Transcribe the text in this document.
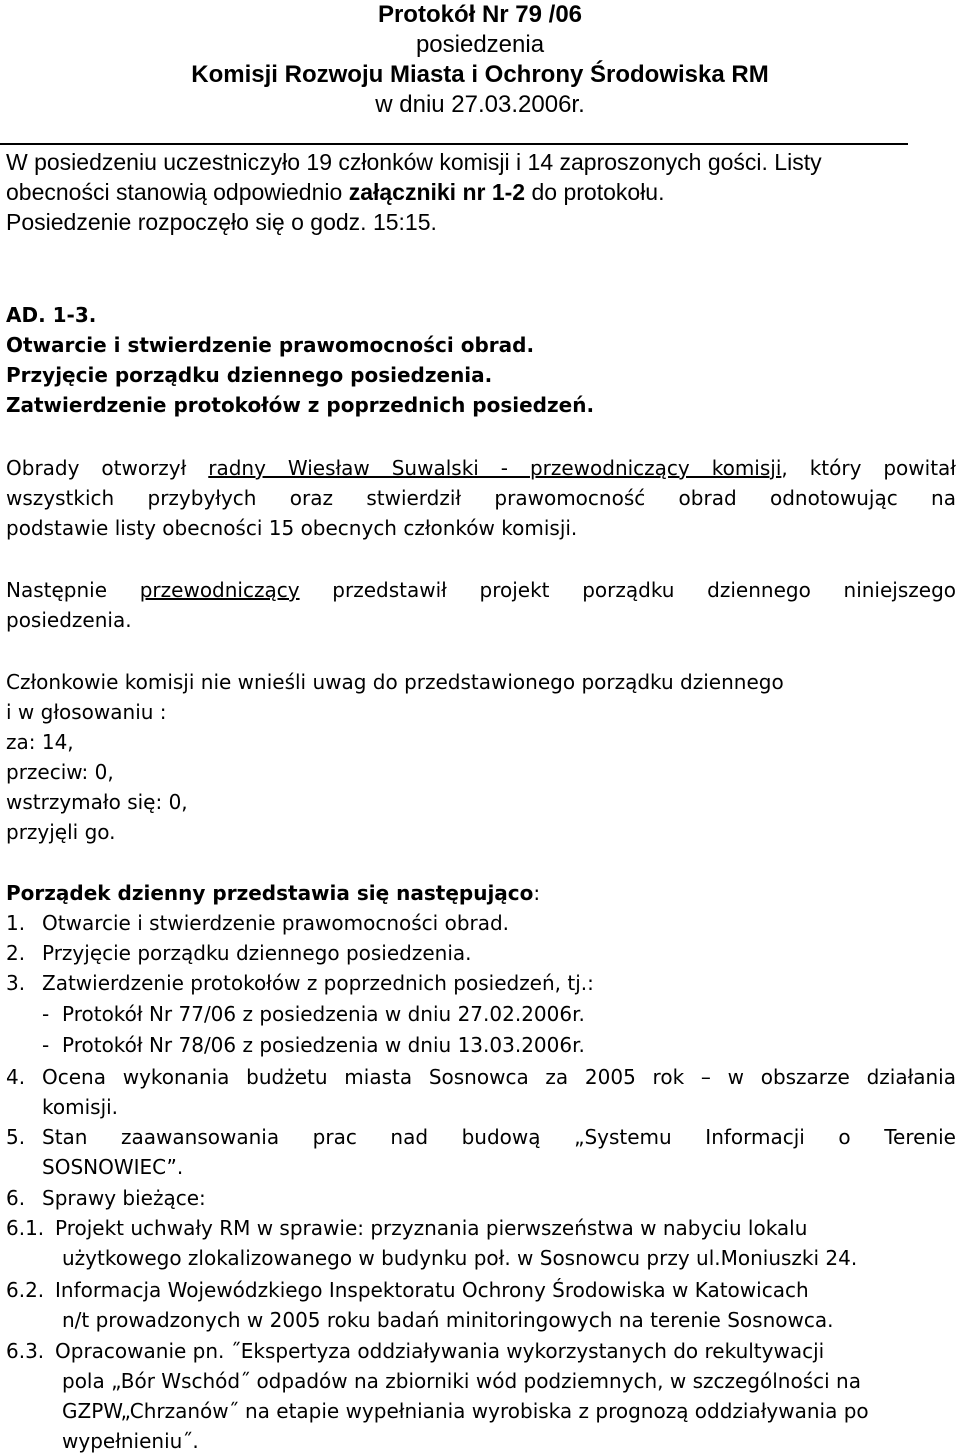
Protokół Nr 79 /06
posiedzenia
Komisji Rozwoju Miasta i Ochrony Środowiska RM
w dniu 27.03.2006r.
W posiedzeniu uczestniczyło 19 członków komisji i 14 zaproszonych gości. Listy
obecności stanowią odpowiednio załączniki nr 1-2 do protokołu.
Posiedzenie rozpoczęło się o godz. 15:15.
AD. 1-3.
Otwarcie i stwierdzenie prawomocności obrad.
Przyjęcie porządku dziennego posiedzenia.
Zatwierdzenie protokołów z poprzednich posiedzeń.
Obrady otworzył radny Wiesław Suwalski - przewodniczący komisji, który powitał
wszystkich przybyłych oraz stwierdził prawomocność obrad odnotowując na
podstawie listy obecności 15 obecnych członków komisji.
Następnie przewodniczący przedstawił projekt porządku dziennego niniejszego
posiedzenia.
Członkowie komisji nie wnieśli uwag do przedstawionego porządku dziennego
i w głosowaniu :
za: 14,
przeciw: 0,
wstrzymało się: 0,
przyjęli go.
Porządek dzienny przedstawia się następująco:
1. Otwarcie i stwierdzenie prawomocności obrad.
2. Przyjęcie porządku dziennego posiedzenia.
3. Zatwierdzenie protokołów z poprzednich posiedzeń, tj.:
- Protokół Nr 77/06 z posiedzenia w dniu 27.02.2006r.
- Protokół Nr 78/06 z posiedzenia w dniu 13.03.2006r.
4. Ocena wykonania budżetu miasta Sosnowca za 2005 rok – w obszarze działania
komisji.
5. Stan zaawansowania prac nad budową „Systemu Informacji o Terenie
SOSNOWIEC”.
6. Sprawy bieżące:
6.1. Projekt uchwały RM w sprawie: przyznania pierwszeństwa w nabyciu lokalu
użytkowego zlokalizowanego w budynku poł. w Sosnowcu przy ul.Moniuszki 24.
6.2. Informacja Wojewódzkiego Inspektoratu Ochrony Środowiska w Katowicach
n/t prowadzonych w 2005 roku badań minitoringowych na terenie Sosnowca.
6.3. Opracowanie pn. ˝Ekspertyza oddziaływania wykorzystanych do rekultywacji
pola „Bór Wschód˝ odpadów na zbiorniki wód podziemnych, w szczególności na
GZPW„Chrzanów˝ na etapie wypełniania wyrobiska z prognozą oddziaływania po
wypełnieniu˝.
